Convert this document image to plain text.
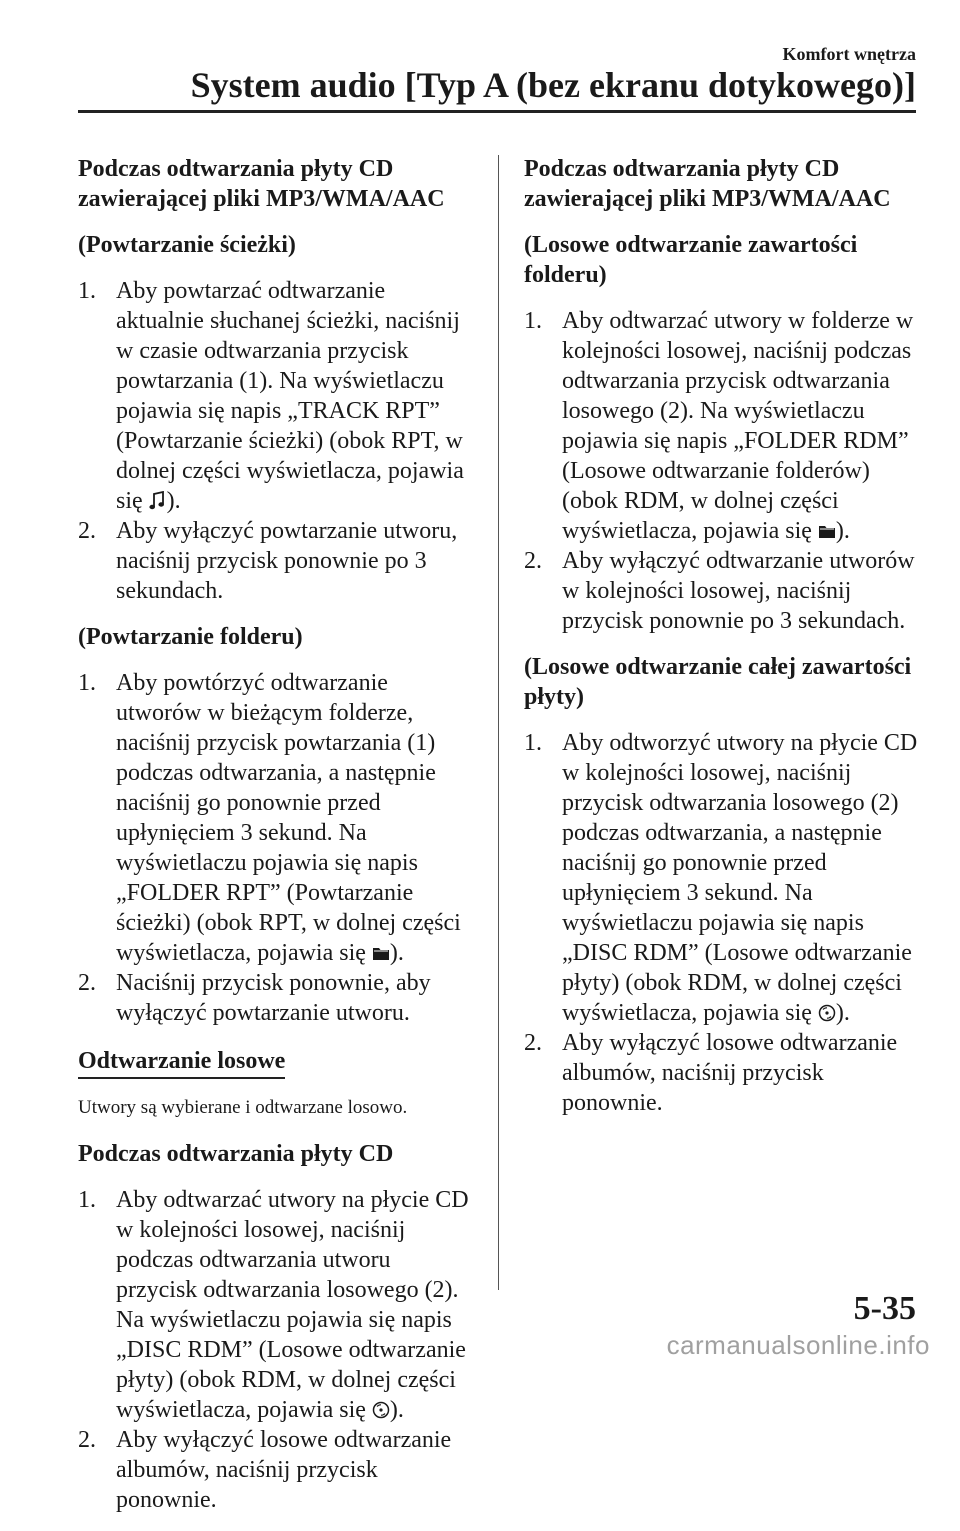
Komfort wnętrza
System audio [Typ A (bez ekranu dotykowego)]

Podczas odtwarzania płyty CD zawierającej pliki MP3/WMA/AAC

(Powtarzanie ścieżki)

1. Aby powtarzać odtwarzanie aktualnie słuchanej ścieżki, naciśnij w czasie odtwarzania przycisk powtarzania (1). Na wyświetlaczu pojawia się napis „TRACK RPT” (Powtarzanie ścieżki) (obok RPT, w dolnej części wyświetlacza, pojawia się ).
2. Aby wyłączyć powtarzanie utworu, naciśnij przycisk ponownie po 3 sekundach.

(Powtarzanie folderu)

1. Aby powtórzyć odtwarzanie utworów w bieżącym folderze, naciśnij przycisk powtarzania (1) podczas odtwarzania, a następnie naciśnij go ponownie przed upłynięciem 3 sekund. Na wyświetlaczu pojawia się napis „FOLDER RPT” (Powtarzanie ścieżki) (obok RPT, w dolnej części wyświetlacza, pojawia się ).
2. Naciśnij przycisk ponownie, aby wyłączyć powtarzanie utworu.
Odtwarzanie losowe

Utwory są wybierane i odtwarzane losowo.

Podczas odtwarzania płyty CD

1. Aby odtwarzać utwory na płycie CD w kolejności losowej, naciśnij podczas odtwarzania utworu przycisk odtwarzania losowego (2). Na wyświetlaczu pojawia się napis „DISC RDM” (Losowe odtwarzanie płyty) (obok RDM, w dolnej części wyświetlacza, pojawia się ).
2. Aby wyłączyć losowe odtwarzanie albumów, naciśnij przycisk ponownie.

Podczas odtwarzania płyty CD zawierającej pliki MP3/WMA/AAC

(Losowe odtwarzanie zawartości folderu)

1. Aby odtwarzać utwory w folderze w kolejności losowej, naciśnij podczas odtwarzania przycisk odtwarzania losowego (2). Na wyświetlaczu pojawia się napis „FOLDER RDM” (Losowe odtwarzanie folderów) (obok RDM, w dolnej części wyświetlacza, pojawia się ).
2. Aby wyłączyć odtwarzanie utworów w kolejności losowej, naciśnij przycisk ponownie po 3 sekundach.

(Losowe odtwarzanie całej zawartości płyty)

1. Aby odtworzyć utwory na płycie CD w kolejności losowej, naciśnij przycisk odtwarzania losowego (2) podczas odtwarzania, a następnie naciśnij go ponownie przed upłynięciem 3 sekund. Na wyświetlaczu pojawia się napis „DISC RDM” (Losowe odtwarzanie płyty) (obok RDM, w dolnej części wyświetlacza, pojawia się ).
2. Aby wyłączyć losowe odtwarzanie albumów, naciśnij przycisk ponownie.
5-35
carmanualsonline.info
